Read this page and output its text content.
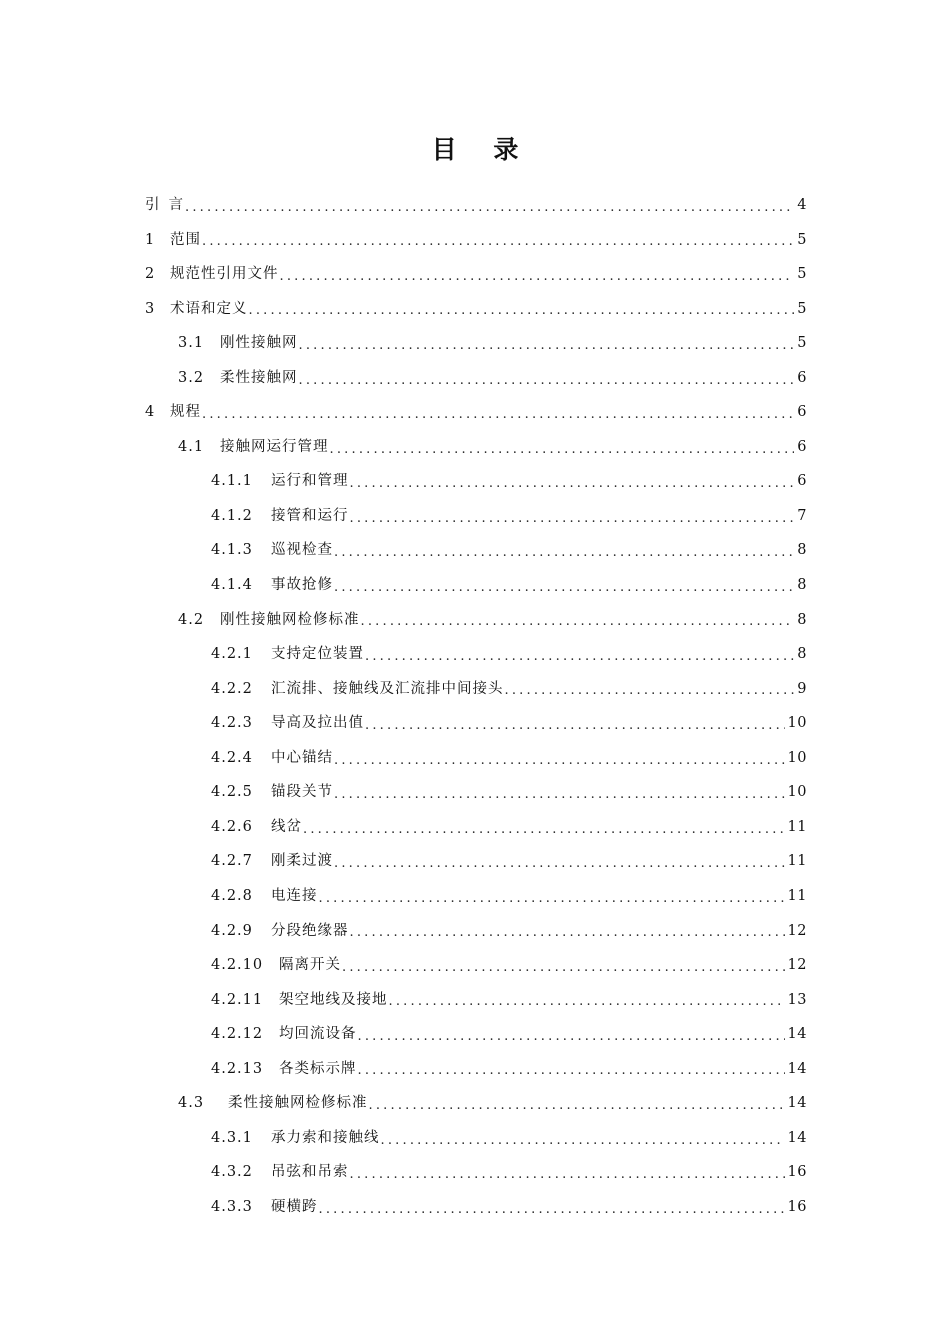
目 录
引 言 .....	4
1	范围 .....	5
2	规范性引用文件 .....	5
3	术语和定义 .....	5
3.1	刚性接触网 .....	5
3.2	柔性接触网 .....	6
4	规程 .....	6
4.1	接触网运行管理 .....	6
4.1.1	运行和管理 .....	6
4.1.2	接管和运行 .....	7
4.1.3	巡视检查 .....	8
4.1.4	事故抢修 .....	8
4.2	刚性接触网检修标准 .....	8
4.2.1	支持定位装置 .....	8
4.2.2	汇流排、接触线及汇流排中间接头 .....	9
4.2.3	导高及拉出值 .....	10
4.2.4	中心锚结 .....	10
4.2.5	锚段关节 .....	10
4.2.6	线岔 .....	11
4.2.7	刚柔过渡 .....	11
4.2.8	电连接 .....	11
4.2.9	分段绝缘器 .....	12
4.2.10	隔离开关 .....	12
4.2.11	架空地线及接地 .....	13
4.2.12	均回流设备 .....	14
4.2.13	各类标示牌 .....	14
4.3	柔性接触网检修标准 .....	14
4.3.1	承力索和接触线 .....	14
4.3.2	吊弦和吊索 .....	16
4.3.3	硬横跨 .....	16
